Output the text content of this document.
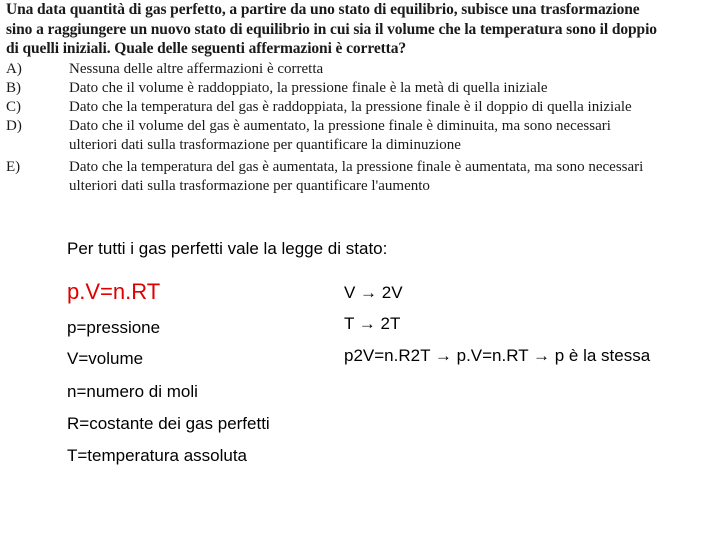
Una data quantità di gas perfetto, a partire da uno stato di equilibrio, subisce una trasformazione

sino a raggiungere un nuovo stato di equilibrio in cui sia il volume che la temperatura sono il doppio

di quelli iniziali. Quale delle seguenti affermazioni è corretta?

A)	Nessuna delle altre affermazioni è corretta
B)	Dato che il volume è raddoppiato, la pressione finale è la metà di quella iniziale
C)	Dato che la temperatura del gas è raddoppiata, la pressione finale è il doppio di quella iniziale
D)	Dato che il volume del gas è aumentato, la pressione finale è diminuita, ma sono necessari
ulteriori dati sulla trasformazione per quantificare la diminuzione
E)	Dato che la temperatura del gas è aumentata, la pressione finale è aumentata, ma sono necessari
ulteriori dati sulla trasformazione per quantificare l'aumento
Per tutti i gas perfetti vale la legge di stato:
p.V=n.RT
p=pressione
V=volume
n=numero di moli
R=costante dei gas perfetti
T=temperatura assoluta
V → 2V
T → 2T
p2V=n.R2T → p.V=n.RT → p è la stessa
